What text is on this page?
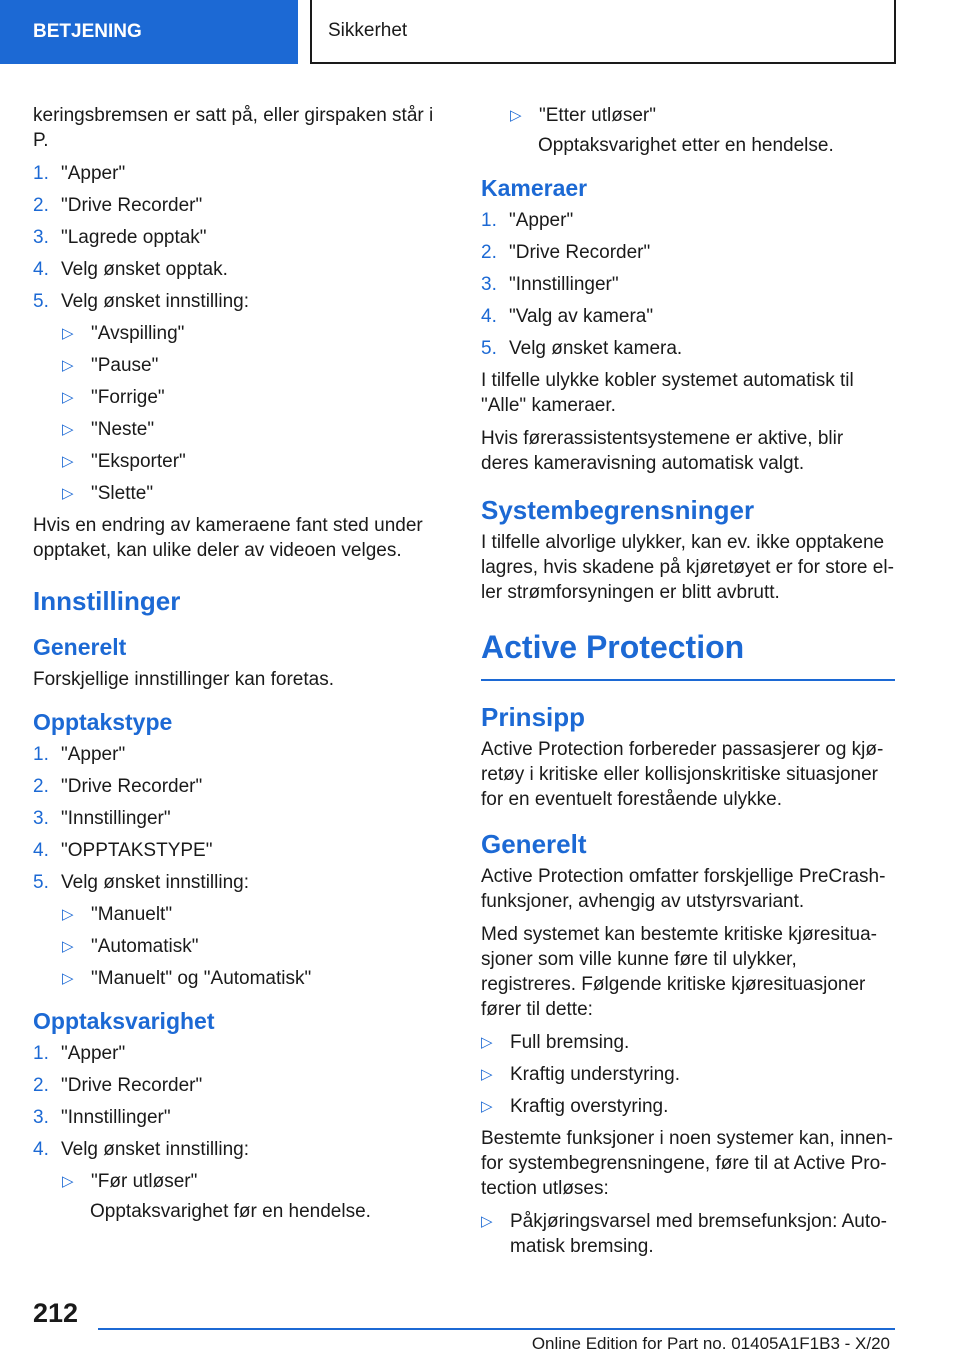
BETJENING	Sikkerhet

keringsbremsen er satt på, eller girspaken står i P.

1. "Apper"
2. "Drive Recorder"
3. "Lagrede opptak"
4. Velg ønsket opptak.
5. Velg ønsket innstilling:
▷ "Avspilling"
▷ "Pause"
▷ "Forrige"
▷ "Neste"
▷ "Eksporter"
▷ "Slette"

Hvis en endring av kameraene fant sted under opptaket, kan ulike deler av videoen velges.

Innstillinger
Generelt

Forskjellige innstillinger kan foretas.

Opptakstype
1. "Apper"
2. "Drive Recorder"
3. "Innstillinger"
4. "OPPTAKSTYPE"
5. Velg ønsket innstilling:
▷ "Manuelt"
▷ "Automatisk"
▷ "Manuelt" og "Automatisk"
Opptaksvarighet
1. "Apper"
2. "Drive Recorder"
3. "Innstillinger"
4. Velg ønsket innstilling:
▷ "Før utløser"
Opptaksvarighet før en hendelse.
▷ "Etter utløser"
Opptaksvarighet etter en hendelse.
Kameraer
1. "Apper"
2. "Drive Recorder"
3. "Innstillinger"
4. "Valg av kamera"
5. Velg ønsket kamera.

I tilfelle ulykke kobler systemet automatisk til "Alle" kameraer.

Hvis førerassistentsystemene er aktive, blir deres kameravisning automatisk valgt.

Systembegrensninger

I tilfelle alvorlige ulykker, kan ev. ikke opptakene lagres, hvis skadene på kjøretøyet er for store eller strømforsyningen er blitt avbrutt.

Active Protection
Prinsipp

Active Protection forbereder passasjerer og kjøretøy i kritiske eller kollisjonskritiske situasjoner for en eventuelt forestående ulykke.

Generelt

Active Protection omfatter forskjellige PreCrash-funksjoner, avhengig av utstyrsvariant.

Med systemet kan bestemte kritiske kjøresituasjoner som ville kunne føre til ulykker, registreres. Følgende kritiske kjøresituasjoner fører til dette:

▷ Full bremsing.
▷ Kraftig understyring.
▷ Kraftig overstyring.

Bestemte funksjoner i noen systemer kan, innenfor systembegrensningene, føre til at Active Protection utløses:

▷ Påkjøringsvarsel med bremsefunksjon: Automatisk bremsing.
212
Online Edition for Part no. 01405A1F1B3 - X/20
